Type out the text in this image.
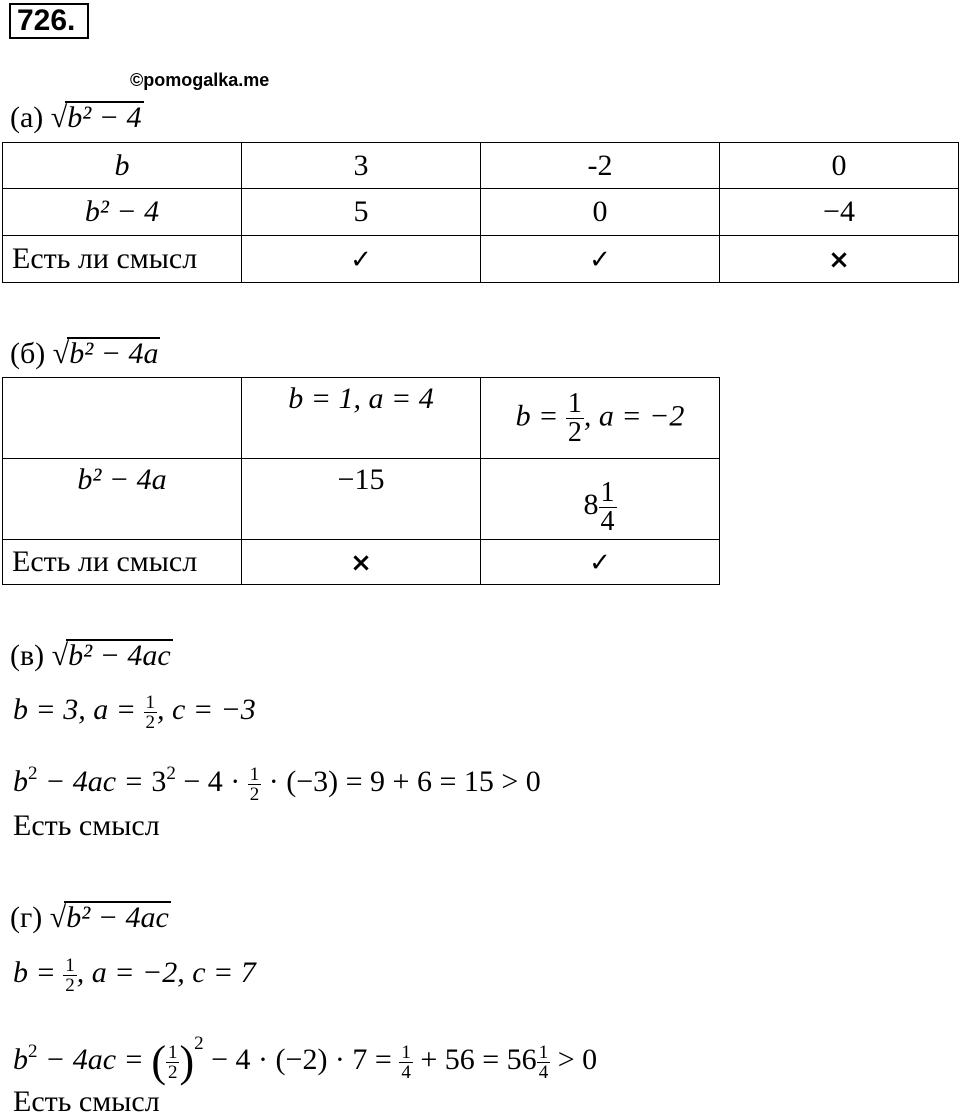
726.
©pomogalka.me
(а) √b² − 4
b	3	-2	0
b² − 4	5	0	−4
Есть ли смысл	✓	✓	×
(б) √b² − 4a
	b = 1, a = 4	$b = \frac{1}{2}$ , a = −2
b² − 4a	−15	$8 \frac{1}{4}$

Есть ли смысл	×	✓
(в) √b² − 4ac
b = 3, $a = \frac{1}{2}$ , c = −3
$b^2 - 4ac = 3^2 - 4 \cdot \frac{1}{2} \cdot (-3) = 9 + 6 = 15 > 0$
Есть смысл
(г) √b² − 4ac
$b = \frac{1}{2}$ , a = −2, c = 7
$b^2 - 4ac$ = ( $\frac{1}{2} )^2 - 4 \cdot (-2) \cdot 7 = \frac{1}{4} + 56 = 56 \frac{1}{4} > 0$
Есть смысл
